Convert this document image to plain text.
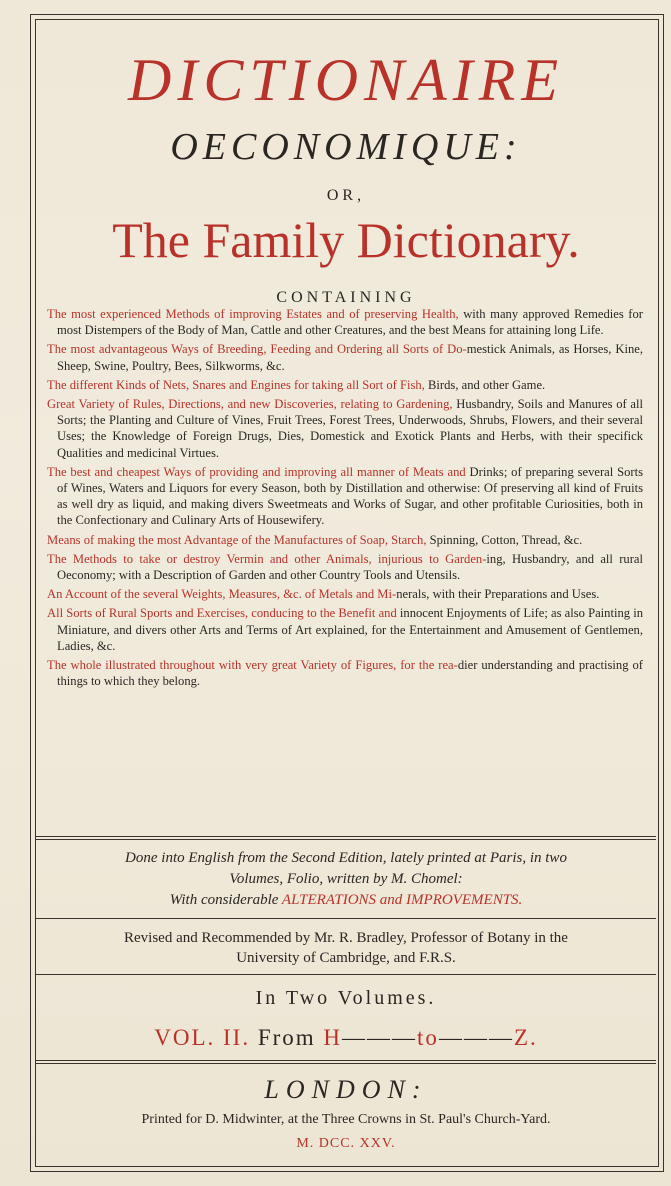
DICTIONAIRE
OECONOMIQUE:
OR,
The Family Dictionary.
CONTAINING

The most experienced Methods of improving Estates and of preserving Health, with many approved Remedies for most Distempers of the Body of Man, Cattle and other Creatures, and the best Means for attaining long Life.

The most advantageous Ways of Breeding, Feeding and Ordering all Sorts of Do-mestick Animals, as Horses, Kine, Sheep, Swine, Poultry, Bees, Silkworms, &c.

The different Kinds of Nets, Snares and Engines for taking all Sort of Fish, Birds, and other Game.

Great Variety of Rules, Directions, and new Discoveries, relating to Gardening, Husbandry, Soils and Manures of all Sorts; the Planting and Culture of Vines, Fruit Trees, Forest Trees, Underwoods, Shrubs, Flowers, and their several Uses; the Knowledge of Foreign Drugs, Dies, Domestick and Exotick Plants and Herbs, with their specifick Qualities and medicinal Virtues.

The best and cheapest Ways of providing and improving all manner of Meats and Drinks; of preparing several Sorts of Wines, Waters and Liquors for every Season, both by Distillation and otherwise: Of preserving all kind of Fruits as well dry as liquid, and making divers Sweetmeats and Works of Sugar, and other profitable Curiosities, both in the Confectionary and Culinary Arts of Housewifery.

Means of making the most Advantage of the Manufactures of Soap, Starch, Spinning, Cotton, Thread, &c.

The Methods to take or destroy Vermin and other Animals, injurious to Garden-ing, Husbandry, and all rural Oeconomy; with a Description of Garden and other Country Tools and Utensils.

An Account of the several Weights, Measures, &c. of Metals and Mi-nerals, with their Preparations and Uses.

All Sorts of Rural Sports and Exercises, conducing to the Benefit and innocent Enjoyments of Life; as also Painting in Miniature, and divers other Arts and Terms of Art explained, for the Entertainment and Amusement of Gentlemen, Ladies, &c.

The whole illustrated throughout with very great Variety of Figures, for the rea-dier understanding and practising of things to which they belong.

Done into English from the Second Edition, lately printed at Paris, in two
Volumes, Folio, written by M. Chomel:
With considerable ALTERATIONS and IMPROVEMENTS.
Revised and Recommended by Mr. R. Bradley, Professor of Botany in the
University of Cambridge, and F.R.S.
In Two Volumes.
VOL. II. From H———to———Z.
LONDON:
Printed for D. Midwinter, at the Three Crowns in St. Paul's Church-Yard.
M. DCC. XXV.
